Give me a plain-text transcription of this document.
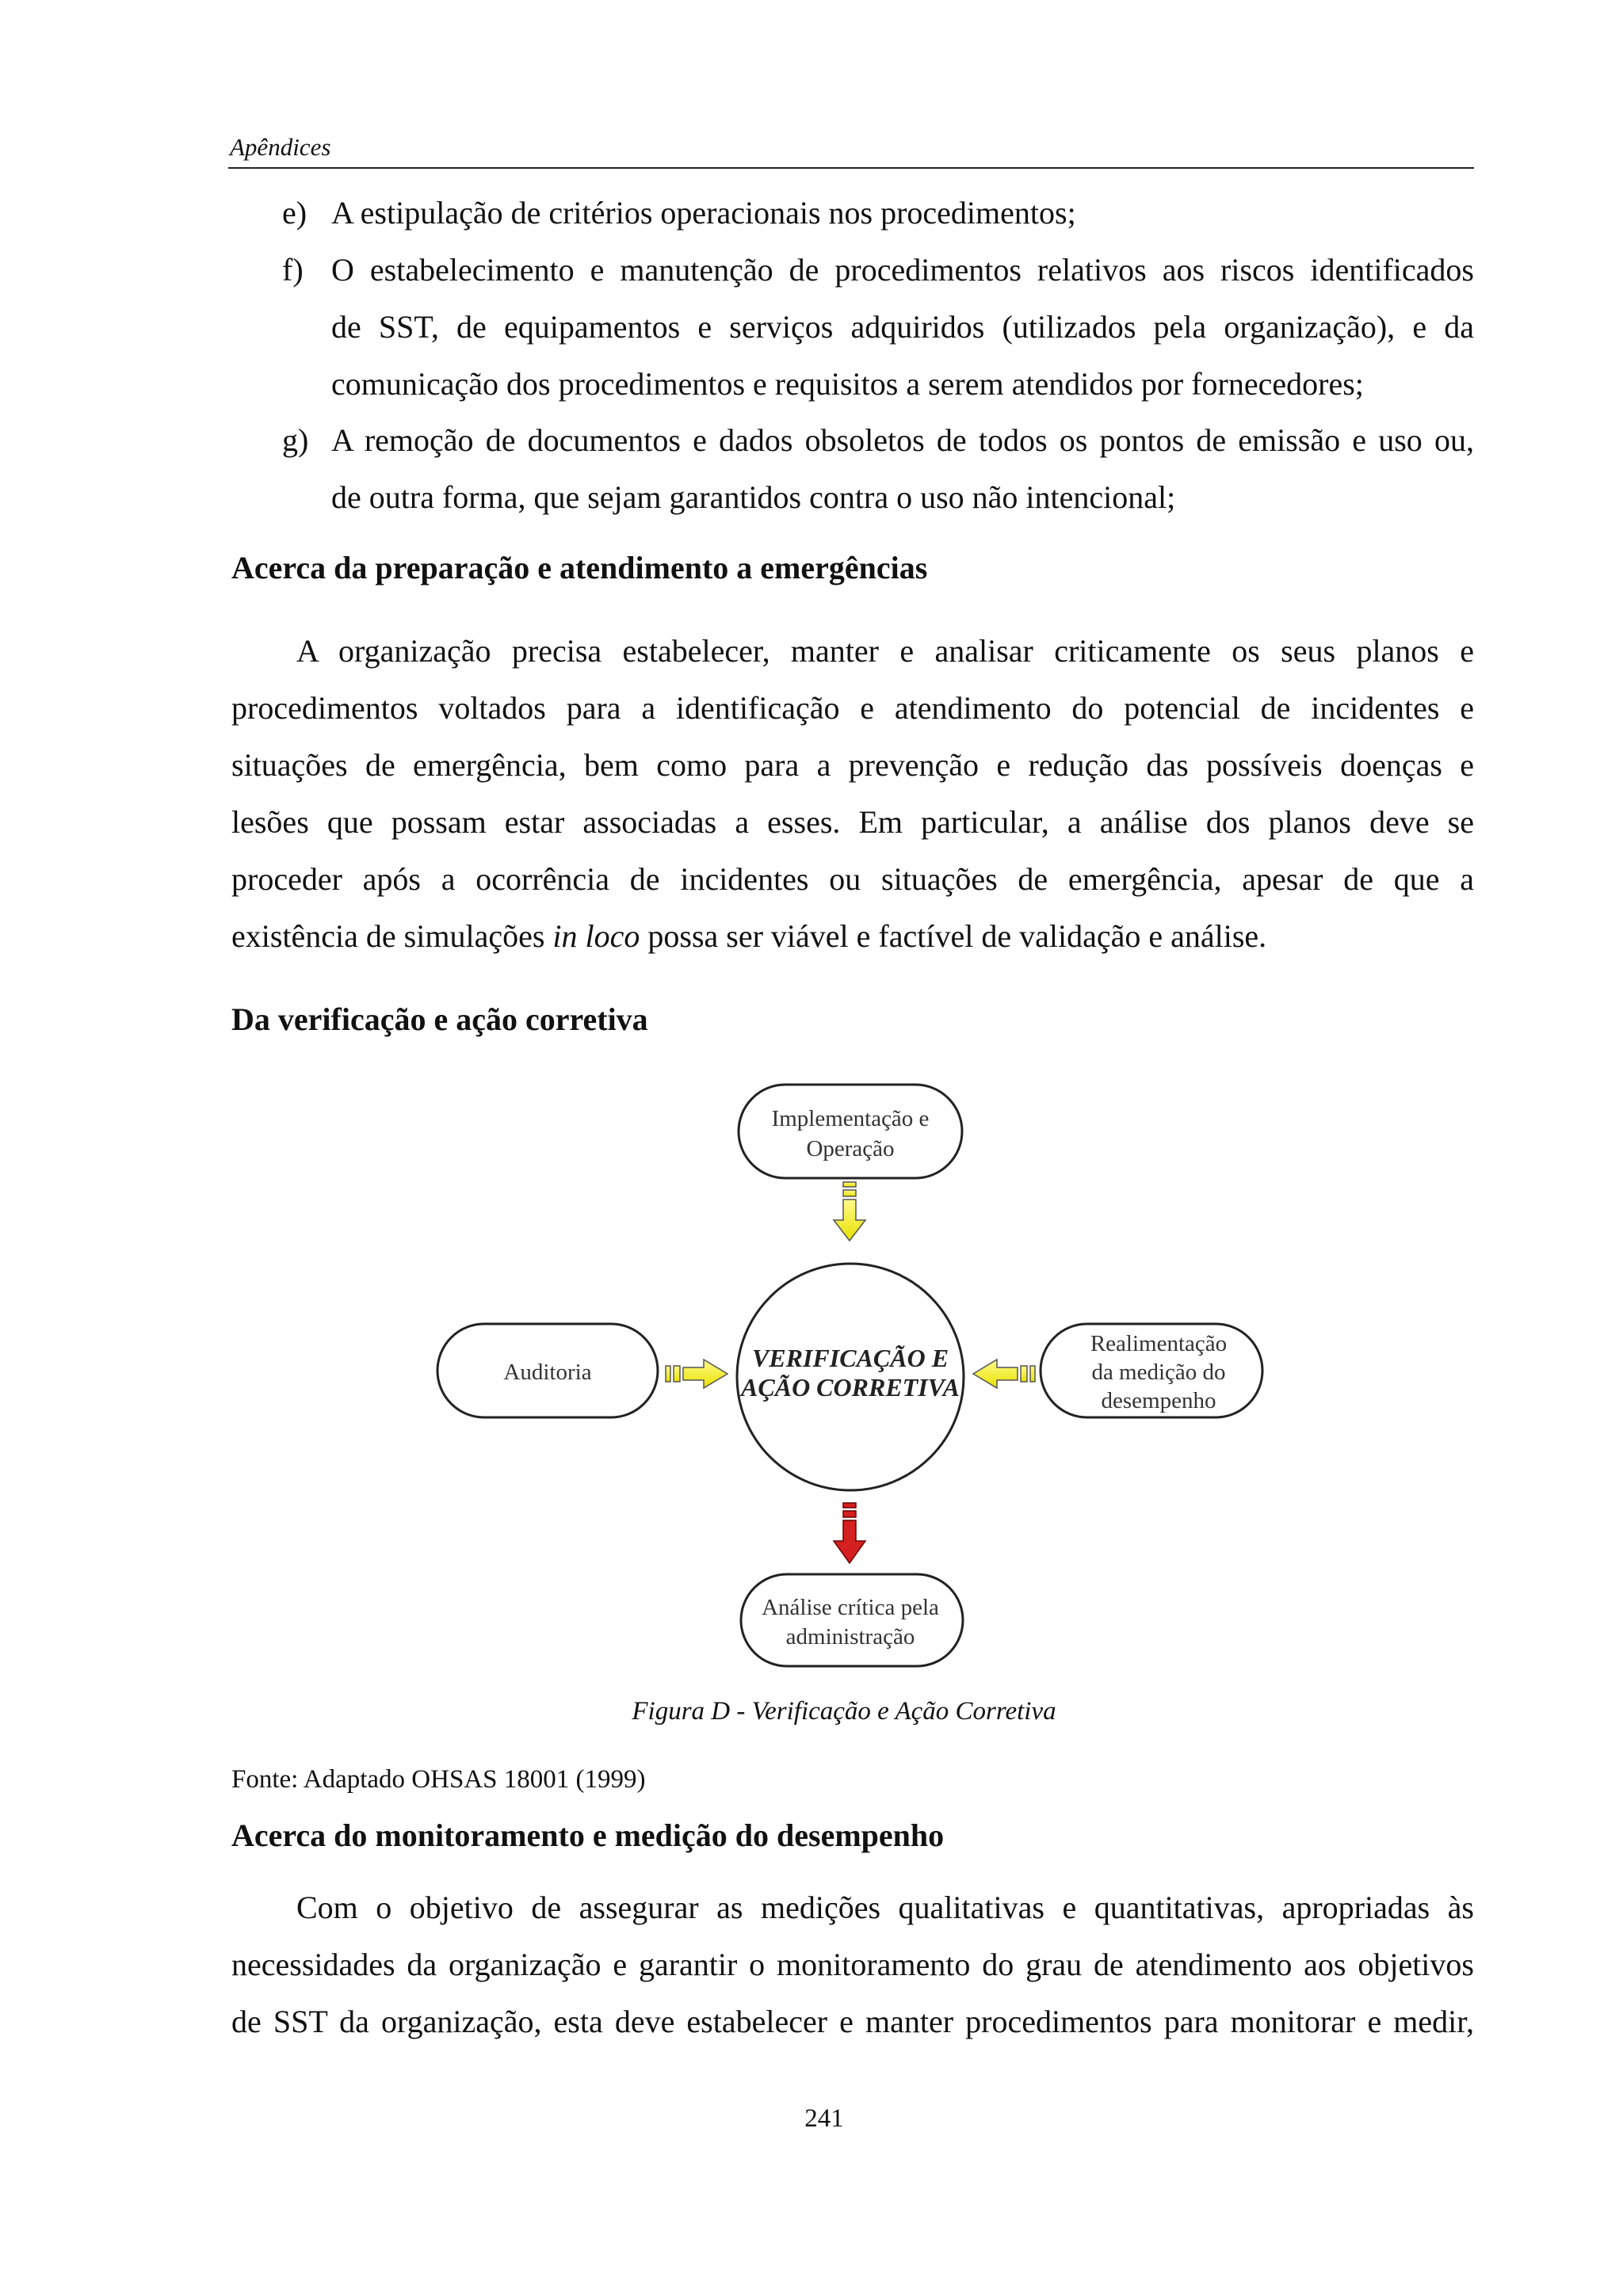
Apêndices
e) A estipulação de critérios operacionais nos procedimentos;
f) O estabelecimento e manutenção de procedimentos relativos aos riscos identificados
de SST, de equipamentos e serviços adquiridos (utilizados pela organização), e da
comunicação dos procedimentos e requisitos a serem atendidos por fornecedores;
g) A remoção de documentos e dados obsoletos de todos os pontos de emissão e uso ou,
de outra forma, que sejam garantidos contra o uso não intencional;
Acerca da preparação e atendimento a emergências
A organização precisa estabelecer, manter e analisar criticamente os seus planos e
procedimentos voltados para a identificação e atendimento do potencial de incidentes e
situações de emergência, bem como para a prevenção e redução das possíveis doenças e
lesões que possam estar associadas a esses. Em particular, a análise dos planos deve se
proceder após a ocorrência de incidentes ou situações de emergência, apesar de que a
existência de simulações in loco possa ser viável e factível de validação e análise.
Da verificação e ação corretiva
Implementação e
Operação
Auditoria
Realimentação
da medição do
desempenho
Análise crítica pela
administração
VERIFICAÇÃO E
AÇÃO CORRETIVA
Figura D - Verificação e Ação Corretiva
Fonte: Adaptado OHSAS 18001 (1999)
Acerca do monitoramento e medição do desempenho
Com o objetivo de assegurar as medições qualitativas e quantitativas, apropriadas às
necessidades da organização e garantir o monitoramento do grau de atendimento aos objetivos
de SST da organização, esta deve estabelecer e manter procedimentos para monitorar e medir,
241
